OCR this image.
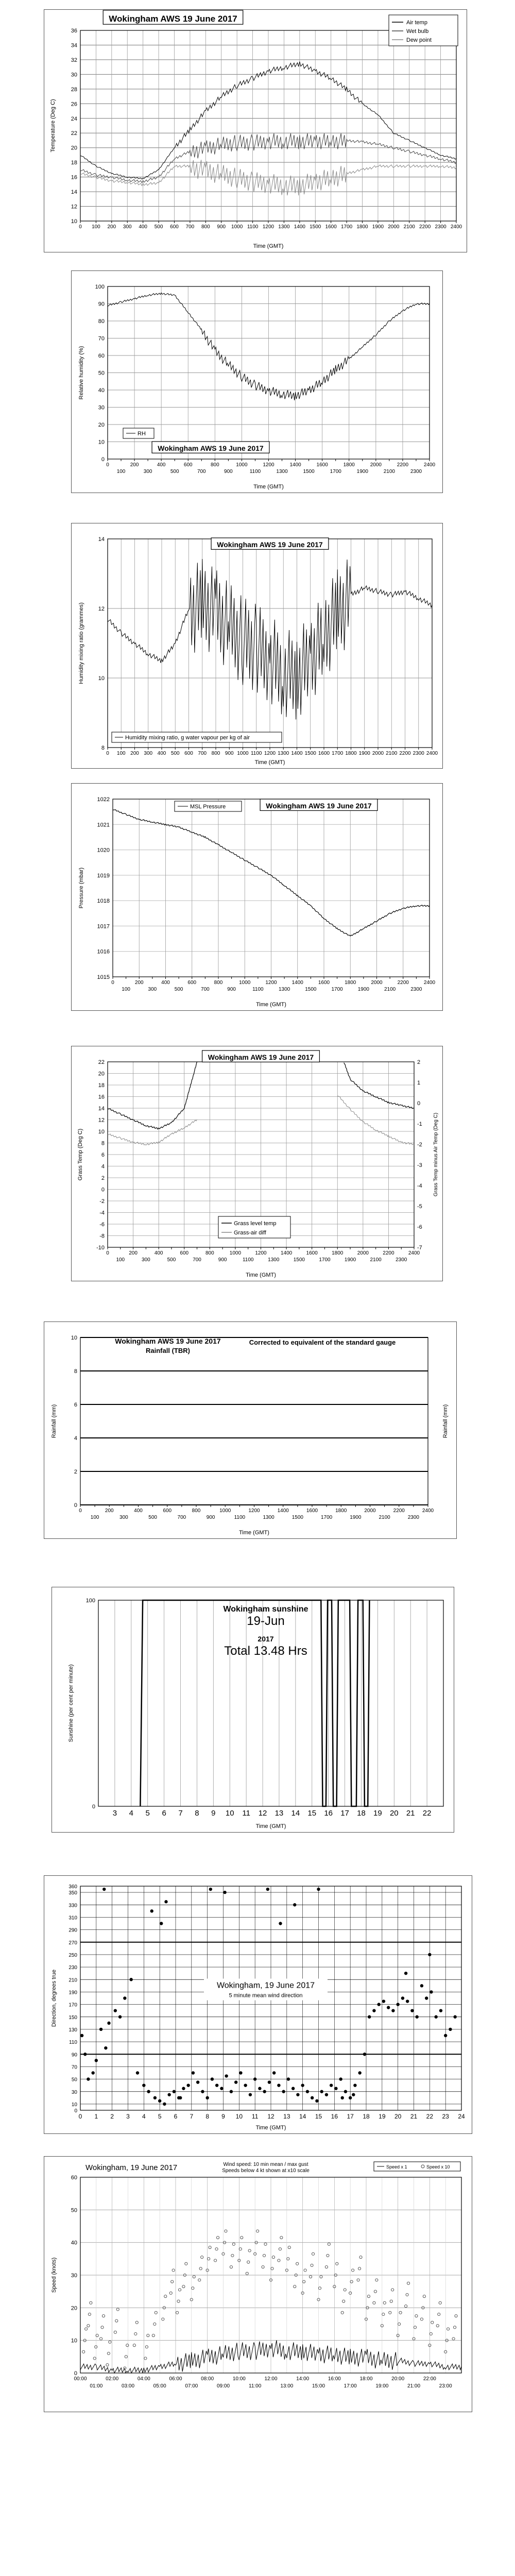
10
12
14
16
18
20
22
24
26
28
30
32
34
36
0 100 200 300 400 500 600 700 800 900 1000 1100 1200 1300 1400 1500 1600 1700 1800 1900 2000 2100 2200 2300 2400
Wokingham AWS 19 June 2017	Air temp
Wet bulb
Dew point
Time (GMT)
Temperature (Deg C)
0
10
20
30
40
50
60
70
80
90
100
0	200	400	600	800	1000	1200	1400	1600	1800	2000	2200	2400
100	300	500	700	900	1100	1300	1500	1700	1900	2100	2300
RH
Wokingham AWS 19 June 2017
Time (GMT)
Relative humidity (%)
8
10
12
14
0 100 200 300 400 500 600 700 800 900 1000 1100 1200 1300 1400 1500 1600 1700 1800 1900 2000 2100 2200 2300 2400
Wokingham AWS 19 June 2017
Humidity mixing ratio, g water vapour per kg of air
Time (GMT)
Humidity mixing ratio (grammes)
1015
1016
1017
1018
1019
1020
1021
1022
0	200	400	600	800	1000	1200	1400	1600	1800	2000	2200	2400
100	300	500	700	900	1100	1300	1500	1700	1900	2100	2300
MSL Pressure	Wokingham AWS 19 June 2017
Time (GMT)
Pressure (mbar)
-10
-8
-6
-4
-2
0
2
4
6
8
10
12
14
16
18
20
22
0	200	400	600	800	1000	1200	1400	1600	1800	2000	2200	2400
100	300	500	700	900	1100	1300	1500	1700	1900	2100	2300
-7
-6
-5
-4
-3
-2
-1
0
1
2
Wokingham AWS 19 June 2017
Grass level temp
Grass-air diff
Time (GMT)
Grass Temp (Deg C)	Grass Temp minus Air Temp (Deg C)
0
2
4
6
8
10
0	200	400	600	800	1000	1200	1400	1600	1800	2000	2200	2400
100	300	500	700	900	1100	1300	1500	1700	1900	2100	2300
Wokingham AWS 19 June 2017
Rainfall (TBR)
Corrected to equivalent of the standard gauge
Time (GMT)
Rainfall (mm)	Rainfall (mm)
3 4 5 6 7 8 9 10 11 12 13 14 15 16 17 18 19 20 21 22
0
100
Wokingham sunshine
19-Jun
2017
Total 13.48 Hrs
Time (GMT)
Sunshine (per cent per minute)
0
10
30
50
70
90
110
130
150
170
190
210
230
250
270
290
310
330
350
360
0 1 2 3 4 5 6 7 8 9 10 11 12 13 14 15 16 17 18 19 20 21 22 23 24
Wokingham, 19 June 2017
5 minute mean wind direction
Time (GMT)
Direction, degrees true
0
10
20
30
40
50
60
00:00	02:00	04:00	06:00	08:00	10:00	12:00	14:00	16:00	18:00	20:00	22:00
01:00	03:00	05:00	07:00	09:00	11:00	13:00	15:00	17:00	19:00	21:00	23:00
Wokingham, 19 June 2017	Wind speed: 10 min mean / max gust
Speeds below 4 kt shown at x10 scale
Speed x 1	Speed x 10
Speed (knots)
